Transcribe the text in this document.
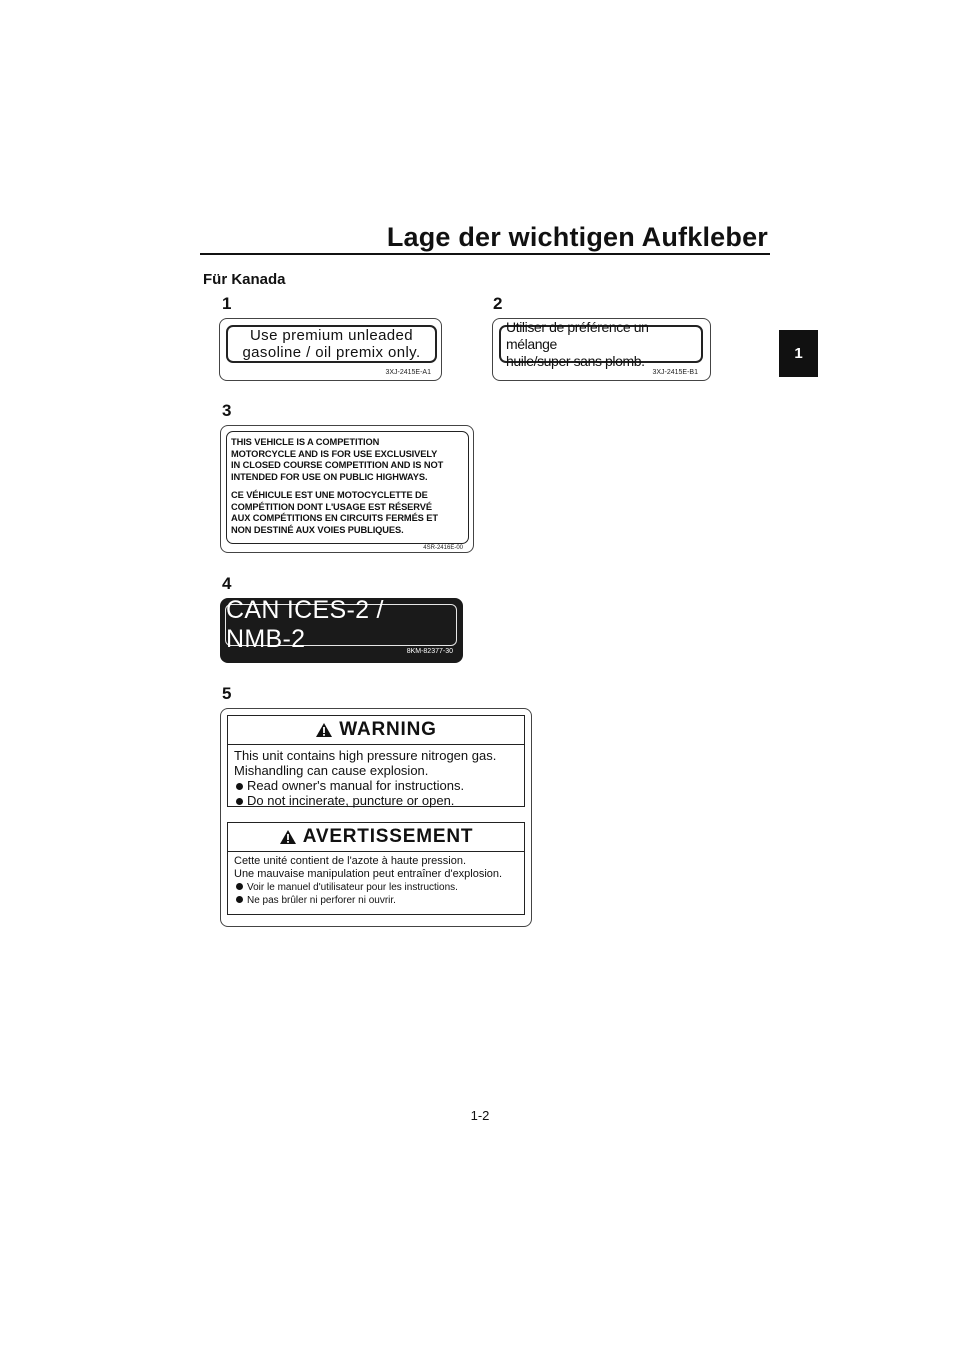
Lage der wichtigen Aufkleber
Für Kanada
1
1
Use premium unleaded
gasoline / oil premix only.
3XJ-2415E-A1
2
Utiliser de préférence un mélange
huile/super sans plomb.
3XJ-2415E-B1
3
THIS VEHICLE IS A COMPETITION
MOTORCYCLE AND IS FOR USE EXCLUSIVELY
IN CLOSED COURSE COMPETITION AND IS NOT
INTENDED FOR USE ON PUBLIC HIGHWAYS.
CE VÉHICULE EST UNE MOTOCYCLETTE DE
COMPÉTITION DONT L'USAGE EST RÉSERVÉ
AUX COMPÉTITIONS EN CIRCUITS FERMÉS ET
NON DESTINÉ AUX VOIES PUBLIQUES.
4SR-2416E-00
4
CAN ICES-2 / NMB-2	8KM-82377-30
5
WARNING
This unit contains high pressure nitrogen gas.
Mishandling can cause explosion.
Read owner's manual for instructions.
Do not incinerate, puncture or open.
AVERTISSEMENT
Cette unité contient de l'azote à haute pression.
Une mauvaise manipulation peut entraîner d'explosion.
Voir le manuel d'utilisateur pour les instructions.
Ne pas brûler ni perforer ni ouvrir.
1-2
